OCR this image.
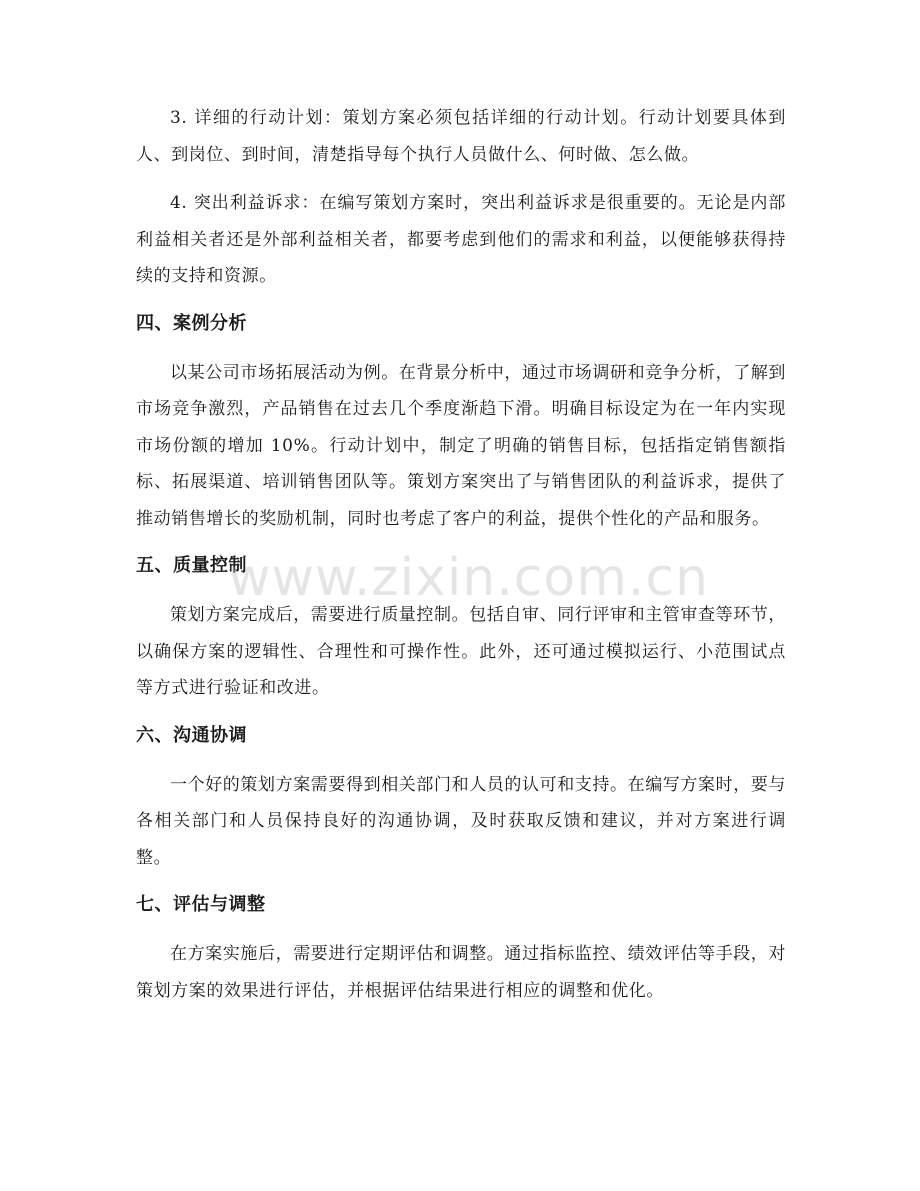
3. 详细的行动计划：策划方案必须包括详细的行动计划。行动计划要具体到人、到岗位、到时间，清楚指导每个执行人员做什么、何时做、怎么做。

4. 突出利益诉求：在编写策划方案时，突出利益诉求是很重要的。无论是内部利益相关者还是外部利益相关者，都要考虑到他们的需求和利益，以便能够获得持续的支持和资源。

四、案例分析

以某公司市场拓展活动为例。在背景分析中，通过市场调研和竞争分析，了解到市场竞争激烈，产品销售在过去几个季度渐趋下滑。明确目标设定为在一年内实现市场份额的增加 10%。行动计划中，制定了明确的销售目标，包括指定销售额指标、拓展渠道、培训销售团队等。策划方案突出了与销售团队的利益诉求，提供了推动销售增长的奖励机制，同时也考虑了客户的利益，提供个性化的产品和服务。

五、质量控制

策划方案完成后，需要进行质量控制。包括自审、同行评审和主管审查等环节，以确保方案的逻辑性、合理性和可操作性。此外，还可通过模拟运行、小范围试点等方式进行验证和改进。

六、沟通协调

一个好的策划方案需要得到相关部门和人员的认可和支持。在编写方案时，要与各相关部门和人员保持良好的沟通协调，及时获取反馈和建议，并对方案进行调整。

七、评估与调整

在方案实施后，需要进行定期评估和调整。通过指标监控、绩效评估等手段，对策划方案的效果进行评估，并根据评估结果进行相应的调整和优化。

www.zixin.com.cn
